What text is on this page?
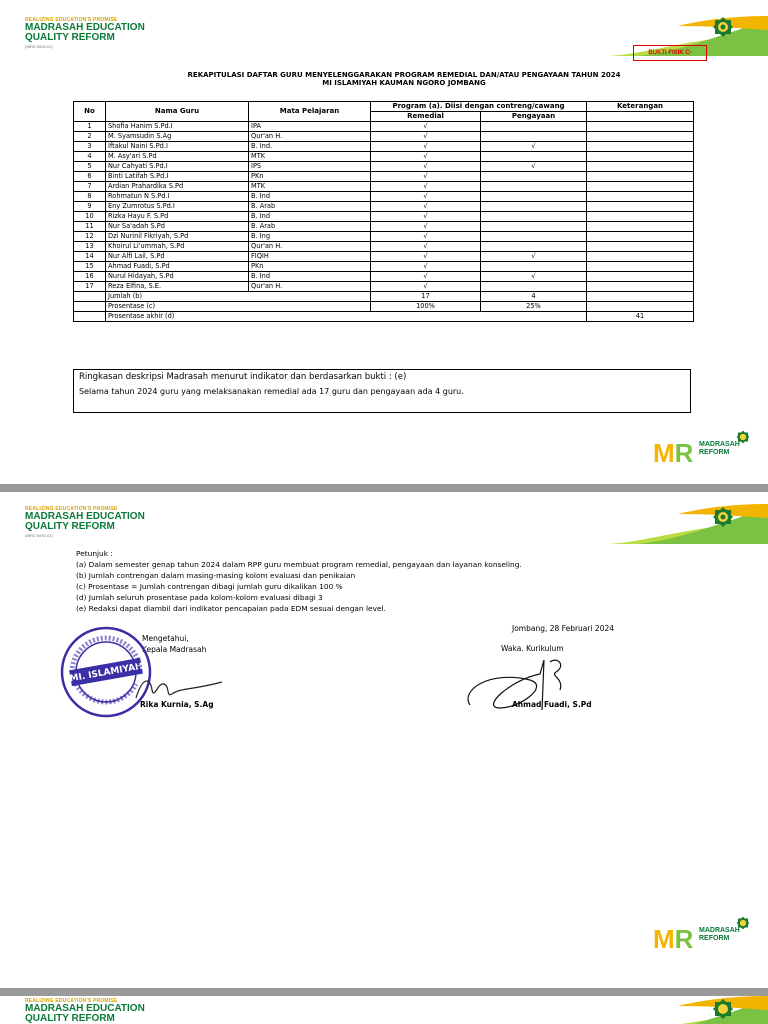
REALIZING EDUCATION'S PROMISE
MADRASAH EDUCATION
QUALITY REFORM
(IBRD 8992-ID)
BUKTI FISIK C-
REKAPITULASI DAFTAR GURU MENYELENGGARAKAN PROGRAM REMEDIAL DAN/ATAU PENGAYAAN TAHUN 2024
MI ISLAMIYAH KAUMAN NGORO JOMBANG
No	Nama Guru	Mata Pelajaran	Program (a). Diisi dengan contreng/cawang		Keterangan
			Remedial	Pengayaan	
1	Shofia Hanim S.Pd.I	IPA	√		
2	M. Syamsudin S.Ag	Qur'an H.	√		
3	Iftakul Naini S.Pd.I	B. Ind.	√	√	
4	M. Asy'ari S.Pd	MTK	√		
5	Nur Cahyati S.Pd.I	IPS	√	√	
6	Binti Latifah S.Pd.I	PKn	√		
7	Ardian Prahardika S.Pd	MTK	√		
8	Rohmatun N S.Pd.I	B. Ind	√		
9	Eny Zumrotus S.Pd.I	B. Arab	√		
10	Rizka Hayu F. S.Pd	B. Ind	√		
11	Nur Sa'adah S.Pd	B. Arab	√		
12	Dzi Nurinil Fikriyah, S.Pd	B. Ing	√		
13	Khoirul Li'ummah, S.Pd	Qur'an H.	√		
14	Nur Alfi Lail, S.Pd	FIQIH	√	√	
15	Ahmad Fuadi, S.Pd	PKn	√		
16	Nurul Hidayah, S.Pd	B. Ind	√	√	
17	Reza Elfina, S.E.	Qur'an H.	√		
	Jumlah (b)		17	4	
	Prosentase (c)		100%	25%	
	Prosentase akhir (d)				41
Ringkasan deskripsi Madrasah menurut indikator dan berdasarkan bukti : (e)
Selama tahun 2024 guru yang melaksanakan remedial ada 17 guru dan pengayaan ada 4 guru.
MR MADRASAH
REFORM
REALIZING EDUCATION'S PROMISE
MADRASAH EDUCATION
QUALITY REFORM
(IBRD 8992-ID)
Petunjuk :
(a) Dalam semester genap tahun 2024 dalam RPP guru membuat program remedial, pengayaan dan layanan konseling.
(b) Jumlah contrengan dalam masing-masing kolom evaluasi dan penikaian
(c) Prosentase = Jumlah contrengan dibagi jumlah guru dikalikan 100 %
(d) Jumlah seluruh prosentase pada kolom-kolom evaluasi dibagi 3
(e) Redaksi dapat diambil dari indikator pencapaian pada EDM sesuai dengan level.
Mengetahui,
Kepala Madrasah
Rika Kurnia, S.Ag
MI. ISLAMIYAH
Jombang, 28 Februari 2024
Waka. Kurikulum
Ahmad Fuadi, S.Pd
MR MADRASAH
REFORM
REALIZING EDUCATION'S PROMISE
MADRASAH EDUCATION
QUALITY REFORM
